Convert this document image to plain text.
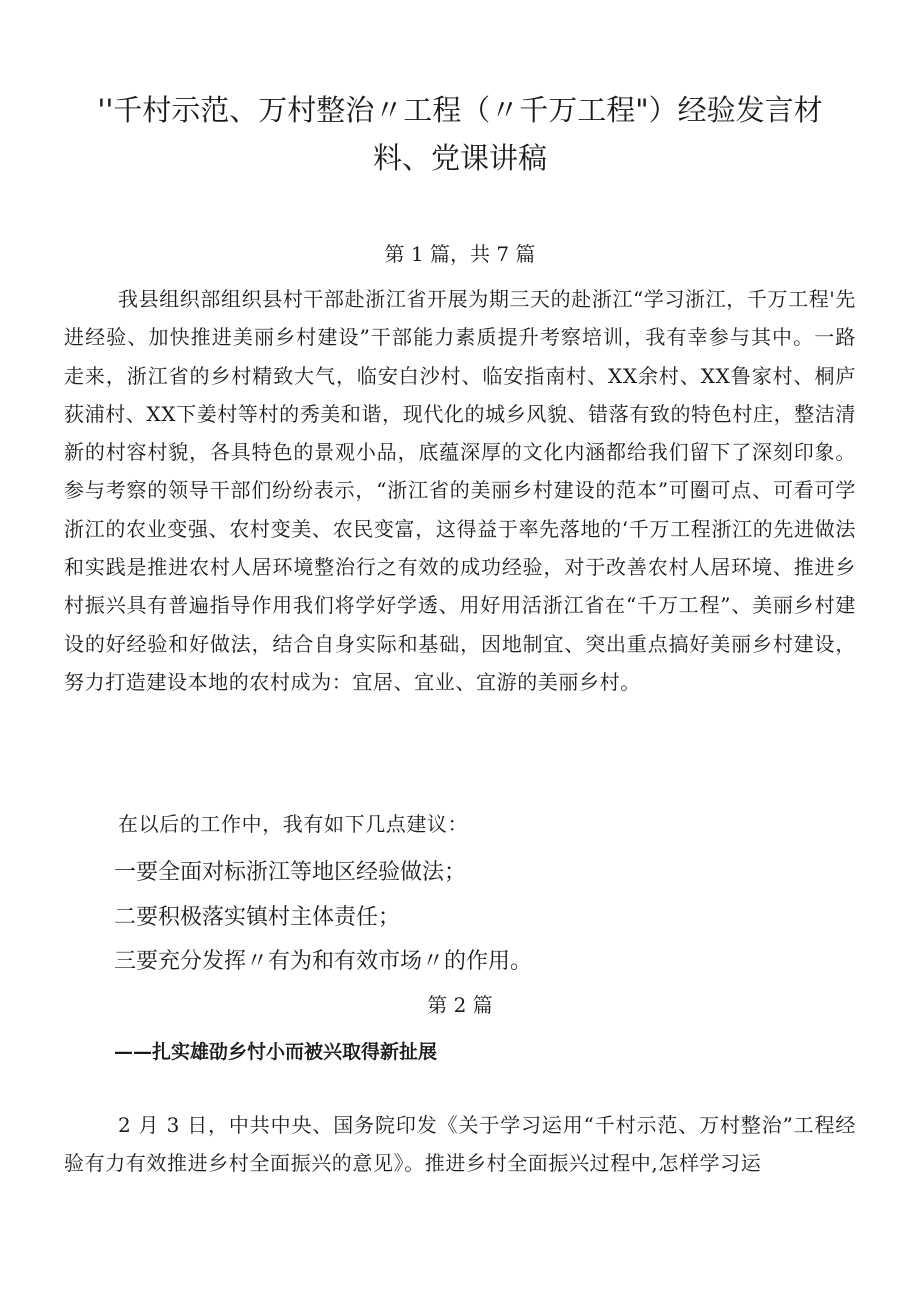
''千村示范、万村整治〃工程（〃千万工程"）经验发言材
料、党课讲稿
第 1 篇，共 7 篇
我县组织部组织县村干部赴浙江省开展为期三天的赴浙江“学习浙江，千万工程'先进经验、加快推进美丽乡村建设”干部能力素质提升考察培训，我有幸参与其中。一路走来，浙江省的乡村精致大气，临安白沙村、临安指南村、XX余村、XX鲁家村、桐庐荻浦村、XX下姜村等村的秀美和谐，现代化的城乡风貌、错落有致的特色村庄，整洁清新的村容村貌，各具特色的景观小品，底蕴深厚的文化内涵都给我们留下了深刻印象。参与考察的领导干部们纷纷表示，“浙江省的美丽乡村建设的范本”可圈可点、可看可学浙江的农业变强、农村变美、农民变富，这得益于率先落地的‘千万工程浙江的先进做法和实践是推进农村人居环境整治行之有效的成功经验，对于改善农村人居环境、推进乡村振兴具有普遍指导作用我们将学好学透、用好用活浙江省在“千万工程”、美丽乡村建设的好经验和好做法，结合自身实际和基础，因地制宜、突出重点搞好美丽乡村建设，努力打造建设本地的农村成为：宜居、宜业、宜游的美丽乡村。
在以后的工作中，我有如下几点建议：
一要全面对标浙江等地区经验做法；
二要积极落实镇村主体责任；
三要充分发挥〃有为和有效市场〃的作用。
第 2 篇
——扎实雄劭乡忖小而被兴取得新扯展
2 月 3 日，中共中央、国务院印发《关于学习运用“千村示范、万村整治”工程经验有力有效推进乡村全面振兴的意见》。推进乡村全面振兴过程中,怎样学习运
